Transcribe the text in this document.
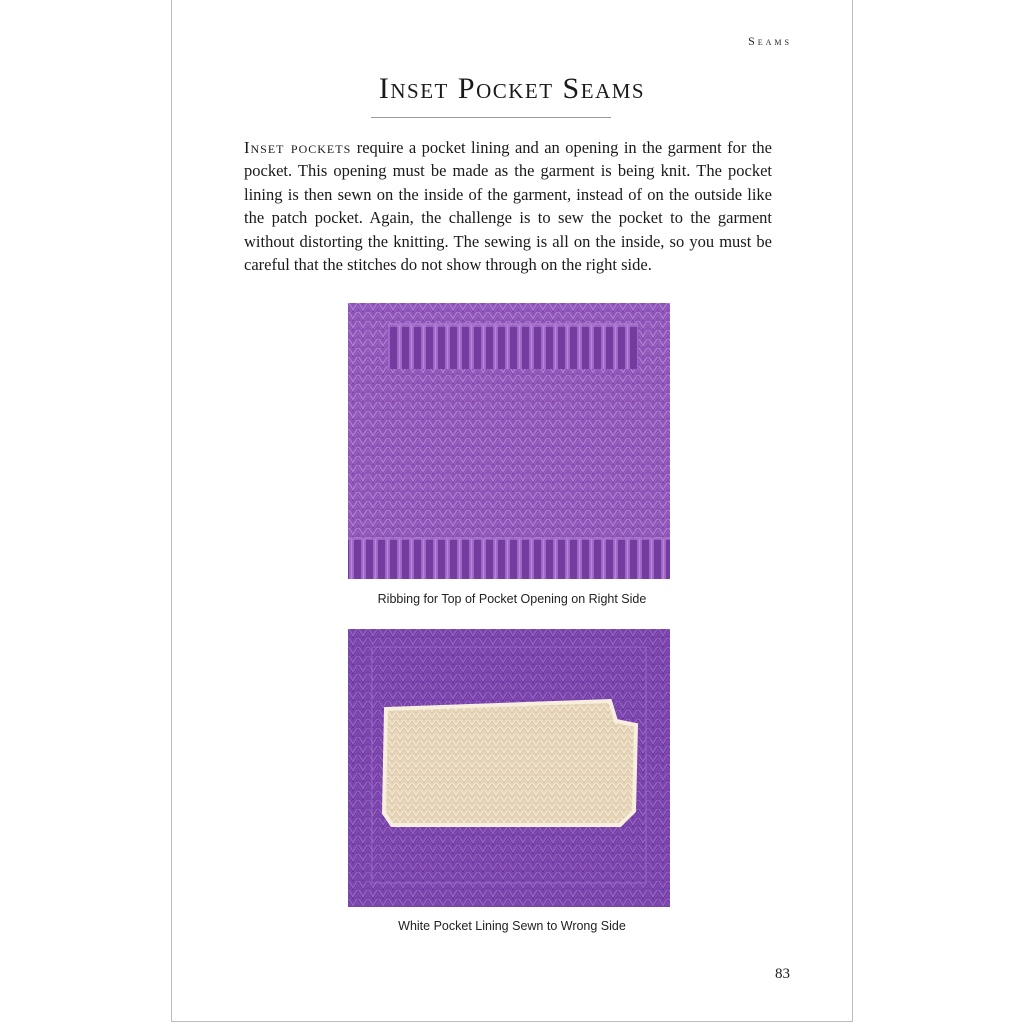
Seams
Inset Pocket Seams
Inset pockets require a pocket lining and an opening in the garment for the pocket. This opening must be made as the garment is being knit. The pocket lining is then sewn on the inside of the garment, instead of on the outside like the patch pocket. Again, the challenge is to sew the pocket to the garment without distorting the knitting. The sewing is all on the inside, so you must be careful that the stitches do not show through on the right side.
Ribbing for Top of Pocket Opening on Right Side
White Pocket Lining Sewn to Wrong Side
83
